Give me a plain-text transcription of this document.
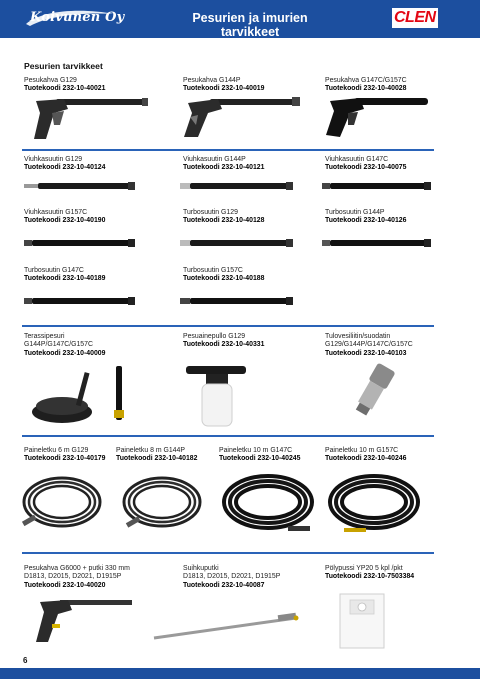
Koivunen Oy	Pesurien ja imurien tarvikkeet
CLEN
Pesurien tarvikkeet
Pesukahva G129
Tuotekoodi 232-10-40021
Pesukahva G144P
Tuotekoodi 232-10-40019
Pesukahva G147C/G157C
Tuotekoodi 232-10-40028
Viuhkasuutin G129
Tuotekoodi 232-10-40124
Viuhkasuutin G144P
Tuotekoodi 232-10-40121
Viuhkasuutin G147C
Tuotekoodi 232-10-40075
Viuhkasuutin G157C
Tuotekoodi 232-10-40190
Turbosuutin G129
Tuotekoodi 232-10-40128
Turbosuutin G144P
Tuotekoodi 232-10-40126
Turbosuutin G147C
Tuotekoodi 232-10-40189
Turbosuutin G157C
Tuotekoodi 232-10-40188
Terassipesuri
G144P/G147C/G157C
Tuotekoodi 232-10-40009
Pesuainepullo G129
Tuotekoodi 232-10-40331
Tulovesiliitin/suodatin
G129/G144P/G147C/G157C
Tuotekoodi 232-10-40103
Paineletku 6 m G129
Tuotekoodi 232-10-40179
Paineletku 8 m G144P
Tuotekoodi 232-10-40182
Paineletku 10 m G147C
Tuotekoodi 232-10-40245
Paineletku 10 m G157C
Tuotekoodi 232-10-40246
Pesukahva G6000 + putki 330 mm
D1813, D2015, D2021, D1915P
Tuotekoodi 232-10-40020
Suihkuputki
D1813, D2015, D2021, D1915P
Tuotekoodi 232-10-40087
Pölypussi YP20 5 kpl /pkt
Tuotekoodi 232-10-7503384
6
